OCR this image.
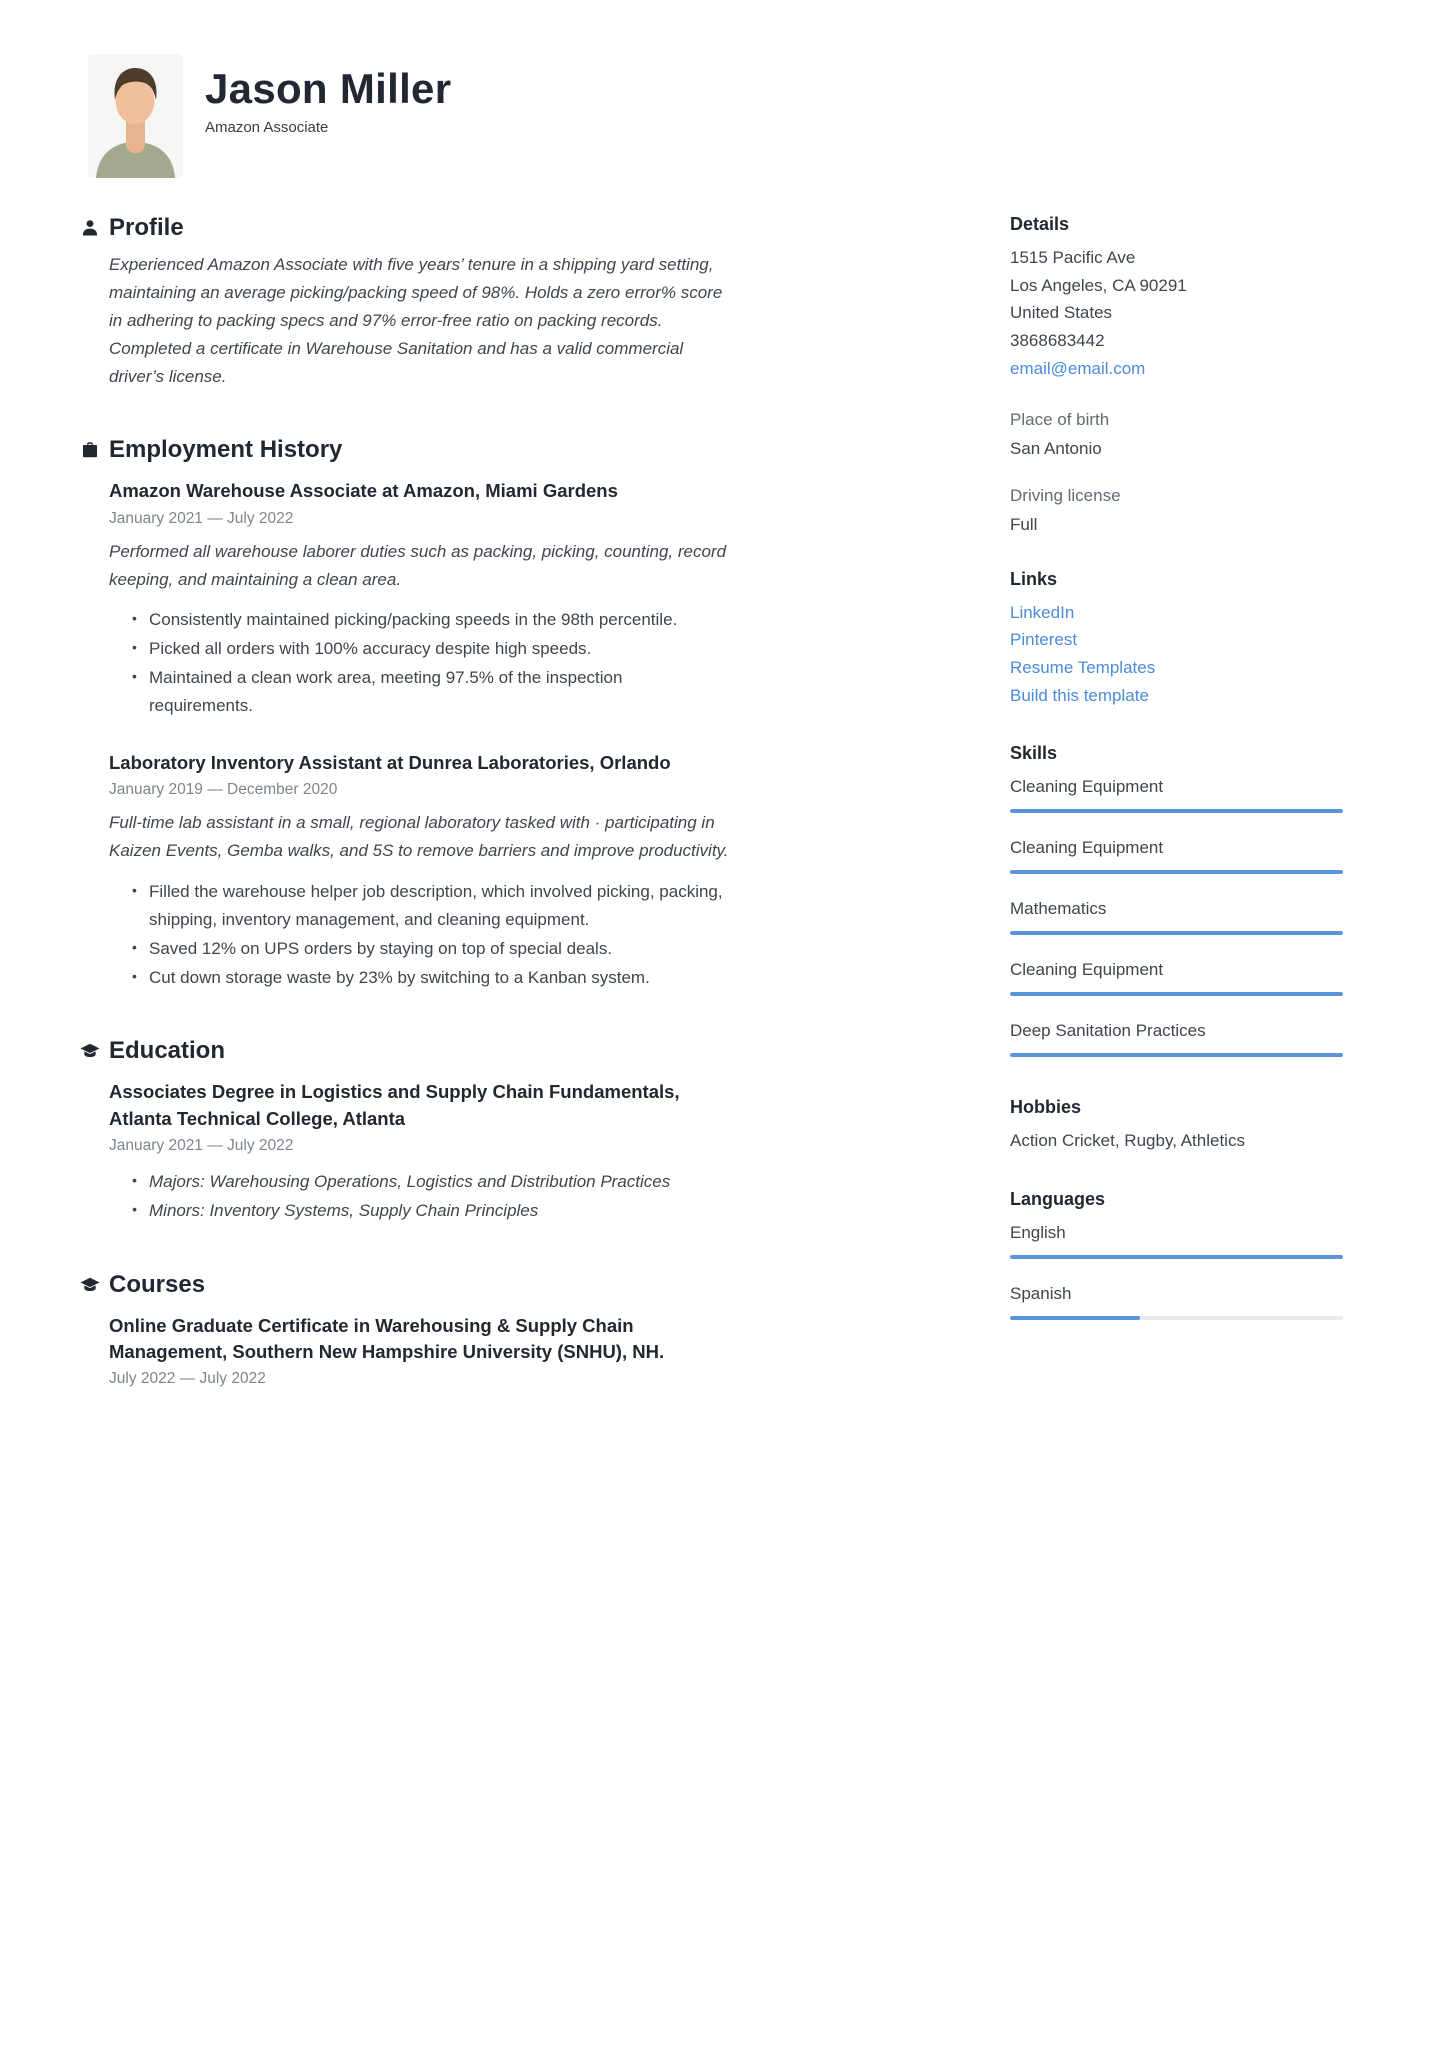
Jason Miller
Amazon Associate
Profile

Experienced Amazon Associate with five years’ tenure in a shipping yard setting, maintaining an average picking/packing speed of 98%. Holds a zero error% score in adhering to packing specs and 97% error-free ratio on packing records. Completed a certificate in Warehouse Sanitation and has a valid commercial driver’s license.

Employment History
Amazon Warehouse Associate at Amazon, Miami Gardens
January 2021 — July 2022
Performed all warehouse laborer duties such as packing, picking, counting, record keeping, and maintaining a clean area.
• Consistently maintained picking/packing speeds in the 98th percentile.
• Picked all orders with 100% accuracy despite high speeds.
• Maintained a clean work area, meeting 97.5% of the inspection requirements.
Laboratory Inventory Assistant at Dunrea Laboratories, Orlando
January 2019 — December 2020
Full-time lab assistant in a small, regional laboratory tasked with · participating in Kaizen Events, Gemba walks, and 5S to remove barriers and improve productivity.
• Filled the warehouse helper job description, which involved picking, packing, shipping, inventory management, and cleaning equipment.
• Saved 12% on UPS orders by staying on top of special deals.
• Cut down storage waste by 23% by switching to a Kanban system.
Education
Associates Degree in Logistics and Supply Chain Fundamentals, Atlanta Technical College, Atlanta
January 2021 — July 2022
• Majors: Warehousing Operations, Logistics and Distribution Practices
• Minors: Inventory Systems, Supply Chain Principles
Courses
Online Graduate Certificate in Warehousing & Supply Chain Management, Southern New Hampshire University (SNHU), NH.
July 2022 — July 2022
Details
1515 Pacific Ave
Los Angeles, CA 90291
United States
3868683442
email@email.com
Place of birth
San Antonio
Driving license
Full
Links
LinkedIn
Pinterest
Resume Templates
Build this template
Skills
Cleaning Equipment
Cleaning Equipment
Mathematics
Cleaning Equipment
Deep Sanitation Practices
Hobbies
Action Cricket, Rugby, Athletics
Languages
English
Spanish
